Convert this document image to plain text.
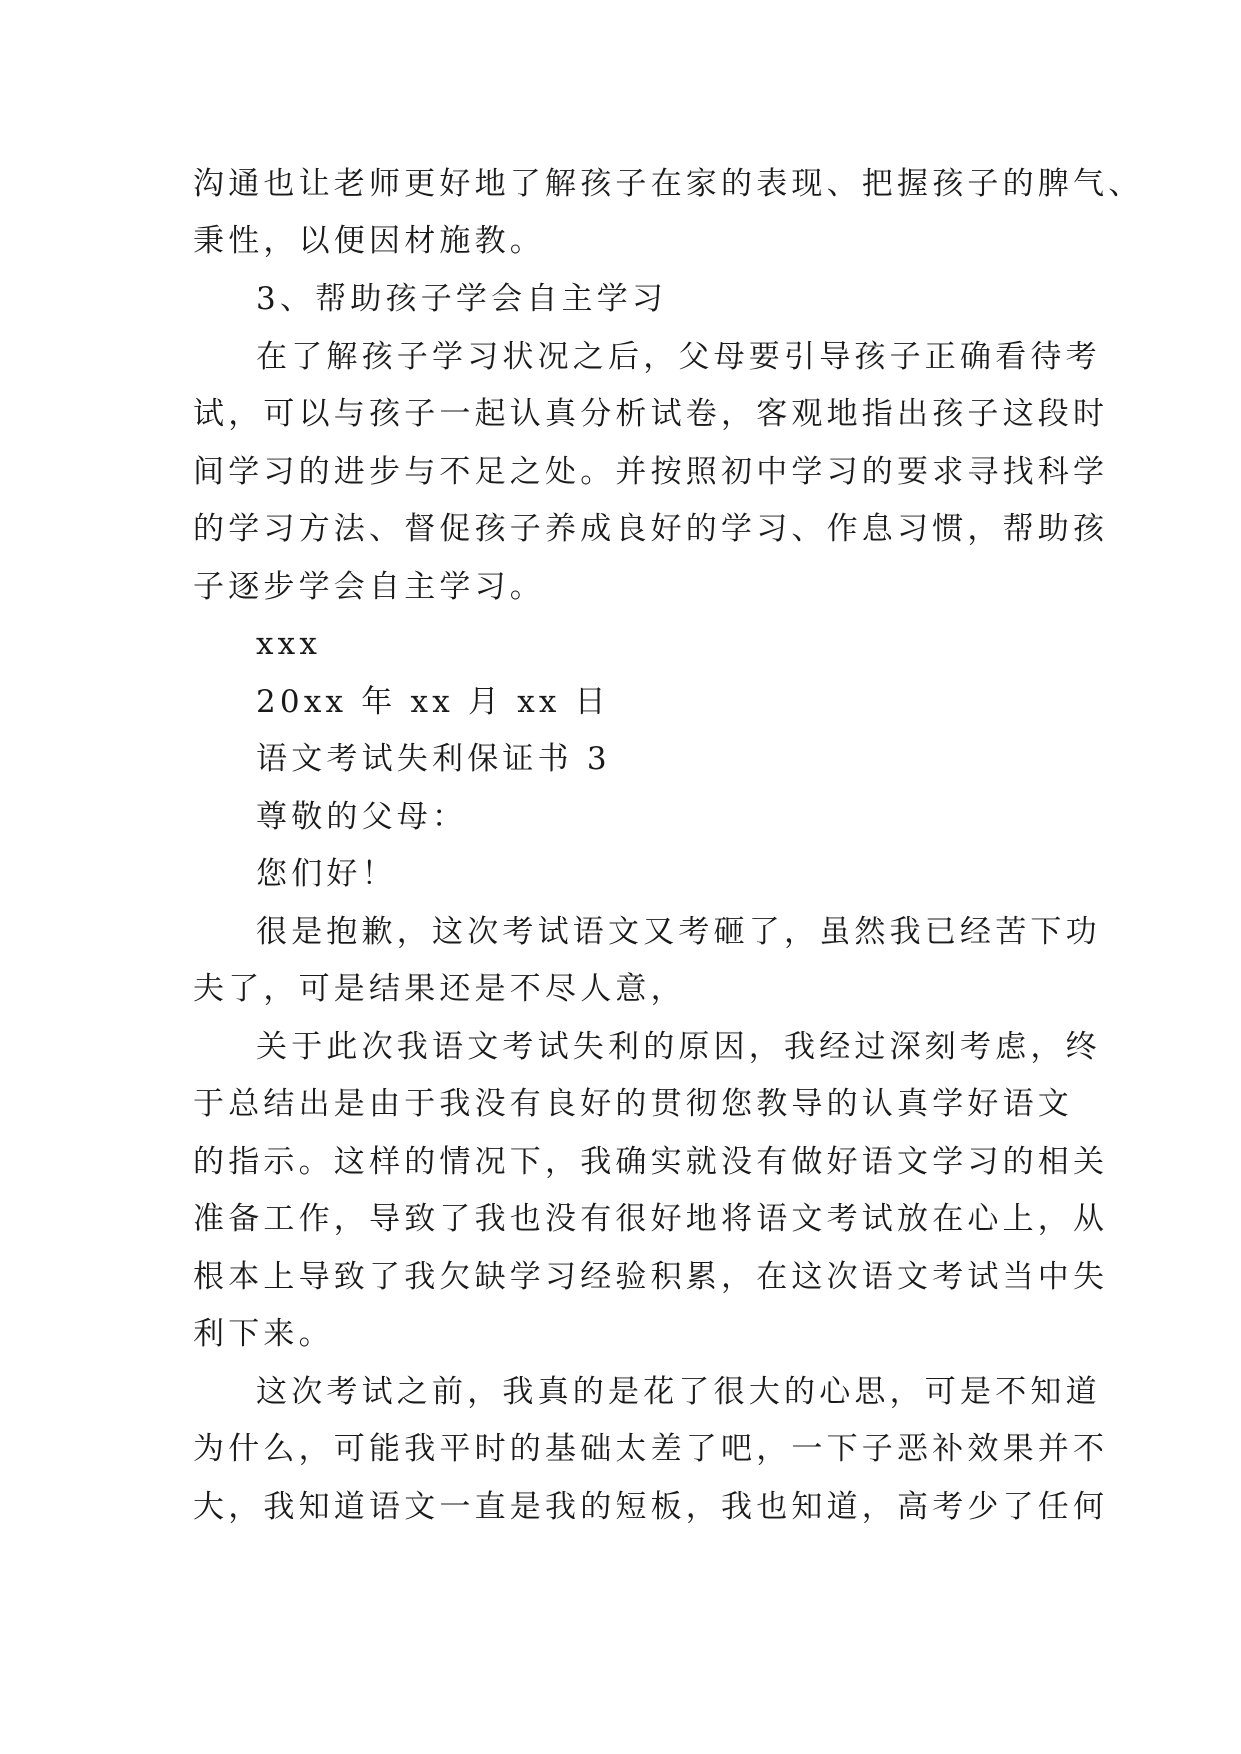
沟通也让老师更好地了解孩子在家的表现、把握孩子的脾气、
秉性，以便因材施教。
3、帮助孩子学会自主学习
在了解孩子学习状况之后，父母要引导孩子正确看待考
试，可以与孩子一起认真分析试卷，客观地指出孩子这段时
间学习的进步与不足之处。并按照初中学习的要求寻找科学
的学习方法、督促孩子养成良好的学习、作息习惯，帮助孩
子逐步学会自主学习。
xxx
20xx 年 xx 月 xx 日
语文考试失利保证书 3
尊敬的父母：
您们好！
很是抱歉，这次考试语文又考砸了，虽然我已经苦下功
夫了，可是结果还是不尽人意，
关于此次我语文考试失利的原因，我经过深刻考虑，终
于总结出是由于我没有良好的贯彻您教导的认真学好语文
的指示。这样的情况下，我确实就没有做好语文学习的相关
准备工作，导致了我也没有很好地将语文考试放在心上，从
根本上导致了我欠缺学习经验积累，在这次语文考试当中失
利下来。
这次考试之前，我真的是花了很大的心思，可是不知道
为什么，可能我平时的基础太差了吧，一下子恶补效果并不
大，我知道语文一直是我的短板，我也知道，高考少了任何
